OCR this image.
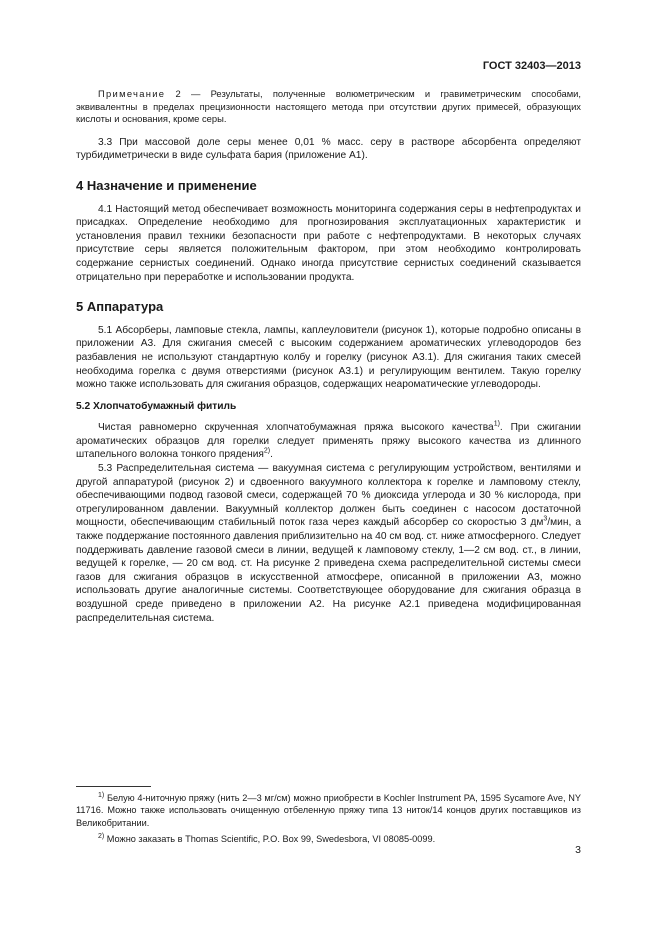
ГОСТ 32403—2013

Примечание 2 — Результаты, полученные волюметрическим и гравиметрическим способами, эквивалентны в пределах прецизионности настоящего метода при отсутствии других примесей, образующих кислоты и основания, кроме серы.

3.3 При массовой доле серы менее 0,01 % масс. серу в растворе абсорбента определяют турбидиметрически в виде сульфата бария (приложение А1).

4 Назначение и применение

4.1 Настоящий метод обеспечивает возможность мониторинга содержания серы в нефтепродуктах и присадках. Определение необходимо для прогнозирования эксплуатационных характеристик и установления правил техники безопасности при работе с нефтепродуктами. В некоторых случаях присутствие серы является положительным фактором, при этом необходимо контролировать содержание сернистых соединений. Однако иногда присутствие сернистых соединений сказывается отрицательно при переработке и использовании продукта.

5 Аппаратура

5.1 Абсорберы, ламповые стекла, лампы, каплеуловители (рисунок 1), которые подробно описаны в приложении А3. Для сжигания смесей с высоким содержанием ароматических углеводородов без разбавления не используют стандартную колбу и горелку (рисунок А3.1). Для сжигания таких смесей необходима горелка с двумя отверстиями (рисунок А3.1) и регулирующим вентилем. Такую горелку можно также использовать для сжигания образцов, содержащих неароматические углеводороды.

5.2 Хлопчатобумажный фитиль

Чистая равномерно скрученная хлопчатобумажная пряжа высокого качества$^{1)}$. При сжигании ароматических образцов для горелки следует применять пряжу высокого качества из длинного штапельного волокна тонкого прядения$^{2)}$.

5.3 Распределительная система — вакуумная система с регулирующим устройством, вентилями и другой аппаратурой (рисунок 2) и сдвоенного вакуумного коллектора к горелке и ламповому стеклу, обеспечивающими подвод газовой смеси, содержащей 70 % диоксида углерода и 30 % кислорода, при отрегулированном давлении. Вакуумный коллектор должен быть соединен с насосом достаточной мощности, обеспечивающим стабильный поток газа через каждый абсорбер со скоростью 3 $дм^3$/мин, а также поддержание постоянного давления приблизительно на 40 см вод. ст. ниже атмосферного. Следует поддерживать давление газовой смеси в линии, ведущей к ламповому стеклу, 1—2 см вод. ст., в линии, ведущей к горелке, — 20 см вод. ст. На рисунке 2 приведена схема распределительной системы смеси газов для сжигания образцов в искусственной атмосфере, описанной в приложении А3, можно использовать другие аналогичные системы. Соответствующее оборудование для сжигания образца в воздушной среде приведено в приложении А2. На рисунке А2.1 приведена модифицированная распределительная система.

$^{1)}$ Белую 4-ниточную пряжу (нить 2—3 мг/см) можно приобрести в Kochler Instrument PA, 1595 Sycamore Ave, NY 11716. Можно также использовать очищенную отбеленную пряжу типа 13 ниток/14 концов других поставщиков из Великобритании.

$^{2)}$ Можно заказать в Thomas Scientific, P.O. Box 99, Swedesbora, VI 08085-0099.

3
